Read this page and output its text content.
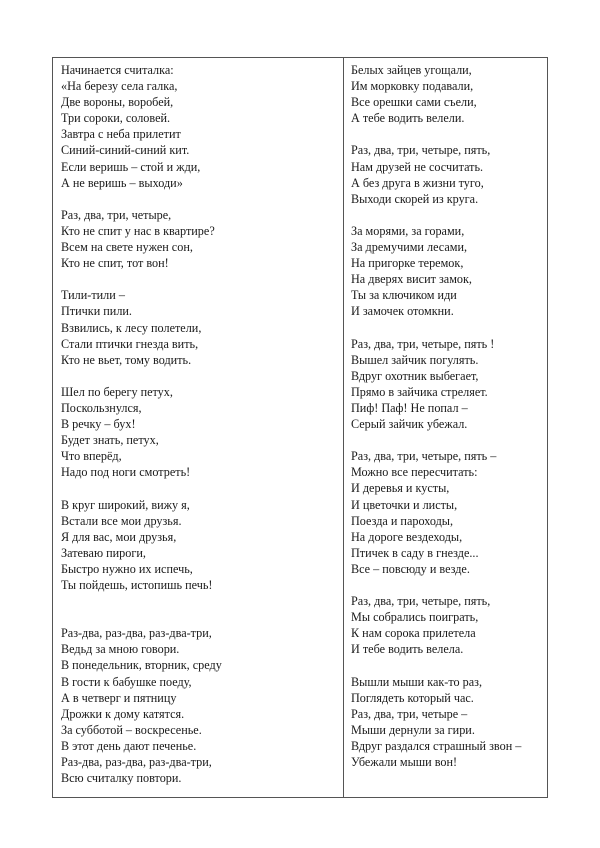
Начинается считалка:
«На березу села галка,
Две вороны, воробей,
Три сороки, соловей.
Завтра с неба прилетит
Синий-синий-синий кит.
Если веришь – стой и жди,
А не веришь – выходи»
Раз, два, три, четыре,
Кто не спит у нас в квартире?
Всем на свете нужен сон,
Кто не спит, тот вон!
Тили-тили –
Птички пили.
Взвились, к лесу полетели,
Стали птички гнезда вить,
Кто не вьет, тому водить.
Шел по берегу петух,
Поскользнулся,
В речку – бух!
Будет знать, петух,
Что вперёд,
Надо под ноги смотреть!
В круг широкий, вижу я,
Встали все мои друзья.
Я для вас, мои друзья,
Затеваю пироги,
Быстро нужно их испечь,
Ты пойдешь, истопишь печь!
Раз-два, раз-два, раз-два-три,
Ведьд за мною говори.
В понедельник, вторник, среду
В гости к бабушке поеду,
А в четверг и пятницу
Дрожки к дому катятся.
За субботой – воскресенье.
В этот день дают печенье.
Раз-два, раз-два, раз-два-три,
Всю считалку повтори.
Белых зайцев угощали,
Им морковку подавали,
Все орешки сами съели,
А тебе водить велели.
Раз, два, три, четыре, пять,
Нам друзей не сосчитать.
А без друга в жизни туго,
Выходи скорей из круга.
За морями, за горами,
За дремучими лесами,
На пригорке теремок,
На дверях висит замок,
Ты за ключиком иди
И замочек отомкни.
Раз, два, три, четыре, пять !
Вышел зайчик погулять.
Вдруг охотник выбегает,
Прямо в зайчика стреляет.
Пиф! Паф! Не попал –
Серый зайчик убежал.
Раз, два, три, четыре, пять –
Можно все пересчитать:
И деревья и кусты,
И цветочки и листы,
Поезда и пароходы,
На дороге вездеходы,
Птичек в саду в гнезде...
Все – повсюду и везде.
Раз, два, три, четыре, пять,
Мы собрались поиграть,
К нам сорока прилетела
И тебе водить велела.
Вышли мыши как-то раз,
Поглядеть который час.
Раз, два, три, четыре –
Мыши дернули за гири.
Вдруг раздался страшный звон –
Убежали мыши вон!
